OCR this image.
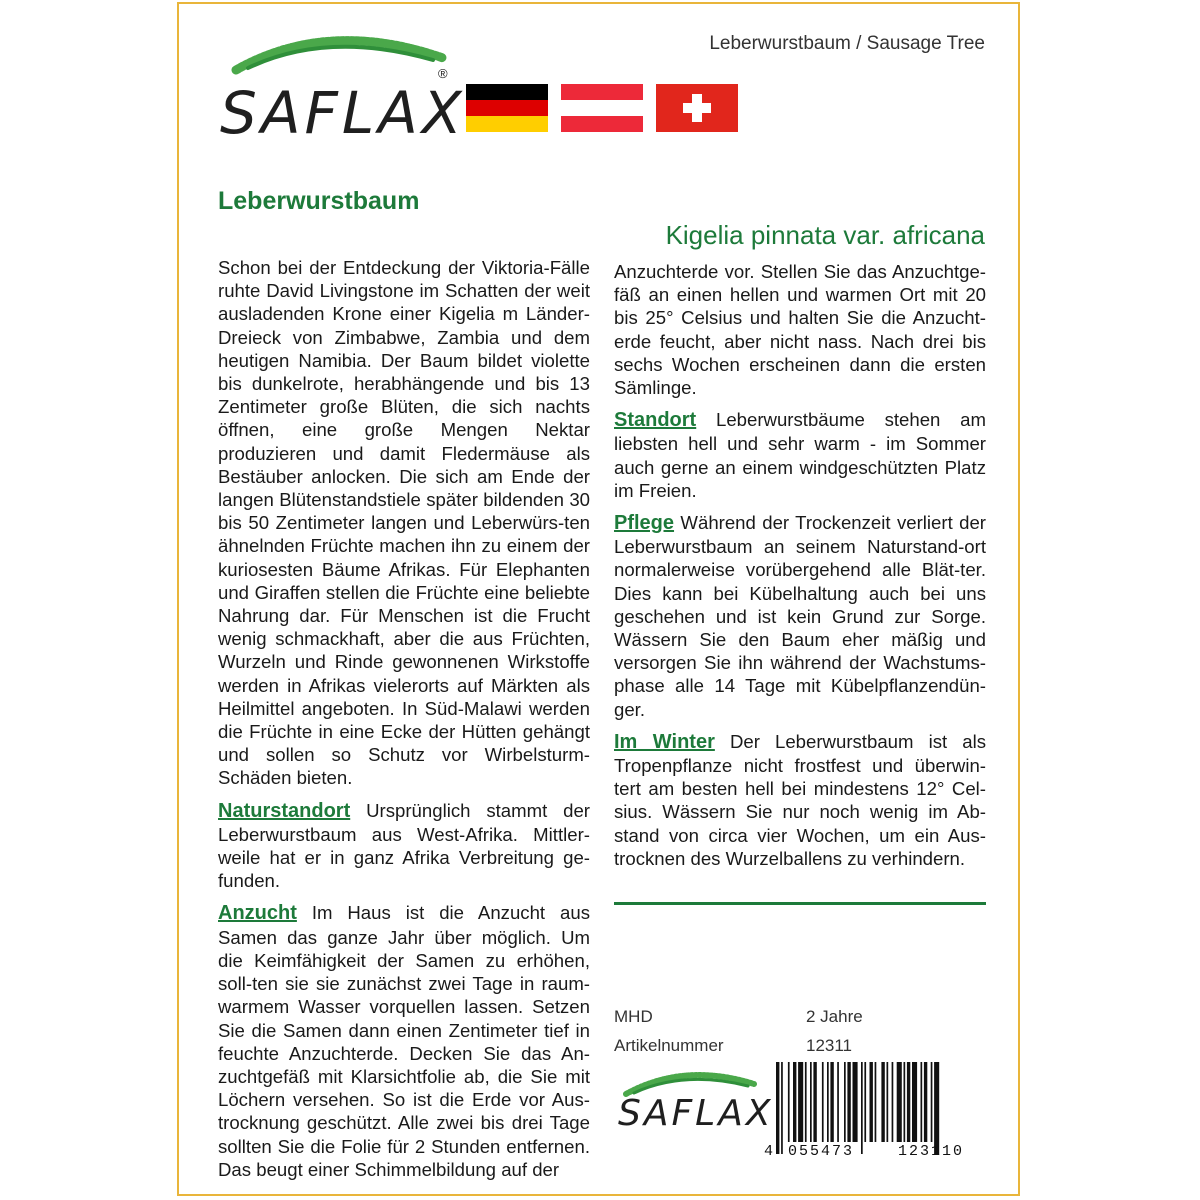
SAFLAX
®
Leberwurstbaum / Sausage Tree
Leberwurstbaum
Kigelia pinnata var. africana

Schon bei der Entdeckung der Viktoria-Fälle ruhte David Livingstone im Schatten der weit ausladenden Krone einer Kigelia m Länder-Dreieck von Zimbabwe, Zambia und dem heutigen Namibia. Der Baum bildet violette bis dunkelrote, herabhängende und bis 13 Zentimeter große Blüten, die sich nachts öffnen, eine große Mengen Nektar produzieren und damit Fledermäuse als Bestäuber anlocken. Die sich am Ende der langen Blütenstandstiele später bildenden 30 bis 50 Zentimeter langen und Leberwürs-ten ähnelnden Früchte machen ihn zu einem der kuriosesten Bäume Afrikas. Für Elephanten und Giraffen stellen die Früchte eine beliebte Nahrung dar. Für Menschen ist die Frucht wenig schmackhaft, aber die aus Früchten, Wurzeln und Rinde gewonnenen Wirkstoffe werden in Afrikas vielerorts auf Märkten als Heilmittel angeboten. In Süd-Malawi werden die Früchte in eine Ecke der Hütten gehängt und sollen so Schutz vor Wirbelsturm-Schäden bieten.

Naturstandort Ursprünglich stammt der Leberwurstbaum aus West-Afrika. Mittler-weile hat er in ganz Afrika Verbreitung ge-funden.

Anzucht Im Haus ist die Anzucht aus Samen das ganze Jahr über möglich. Um die Keimfähigkeit der Samen zu erhöhen, soll-ten sie sie zunächst zwei Tage in raum-warmem Wasser vorquellen lassen. Setzen Sie die Samen dann einen Zentimeter tief in feuchte Anzuchterde. Decken Sie das An-zuchtgefäß mit Klarsichtfolie ab, die Sie mit Löchern versehen. So ist die Erde vor Aus-trocknung geschützt. Alle zwei bis drei Tage sollten Sie die Folie für 2 Stunden entfernen. Das beugt einer Schimmelbildung auf der

Anzuchterde vor. Stellen Sie das Anzuchtge-fäß an einen hellen und warmen Ort mit 20 bis 25° Celsius und halten Sie die Anzucht-erde feucht, aber nicht nass. Nach drei bis sechs Wochen erscheinen dann die ersten Sämlinge.

Standort Leberwurstbäume stehen am liebsten hell und sehr warm - im Sommer auch gerne an einem windgeschützten Platz im Freien.

Pflege Während der Trockenzeit verliert der Leberwurstbaum an seinem Naturstand-ort normalerweise vorübergehend alle Blät-ter. Dies kann bei Kübelhaltung auch bei uns geschehen und ist kein Grund zur Sorge. Wässern Sie den Baum eher mäßig und versorgen Sie ihn während der Wachstums-phase alle 14 Tage mit Kübelpflanzendün-ger.

Im Winter Der Leberwurstbaum ist als Tropenpflanze nicht frostfest und überwin-tert am besten hell bei mindestens 12° Cel-sius. Wässern Sie nur noch wenig im Ab-stand von circa vier Wochen, um ein Aus-trocknen des Wurzelballens zu verhindern.

MHD	2 Jahre
Artikelnummer	12311
SAFLAX
4 055473	123110
